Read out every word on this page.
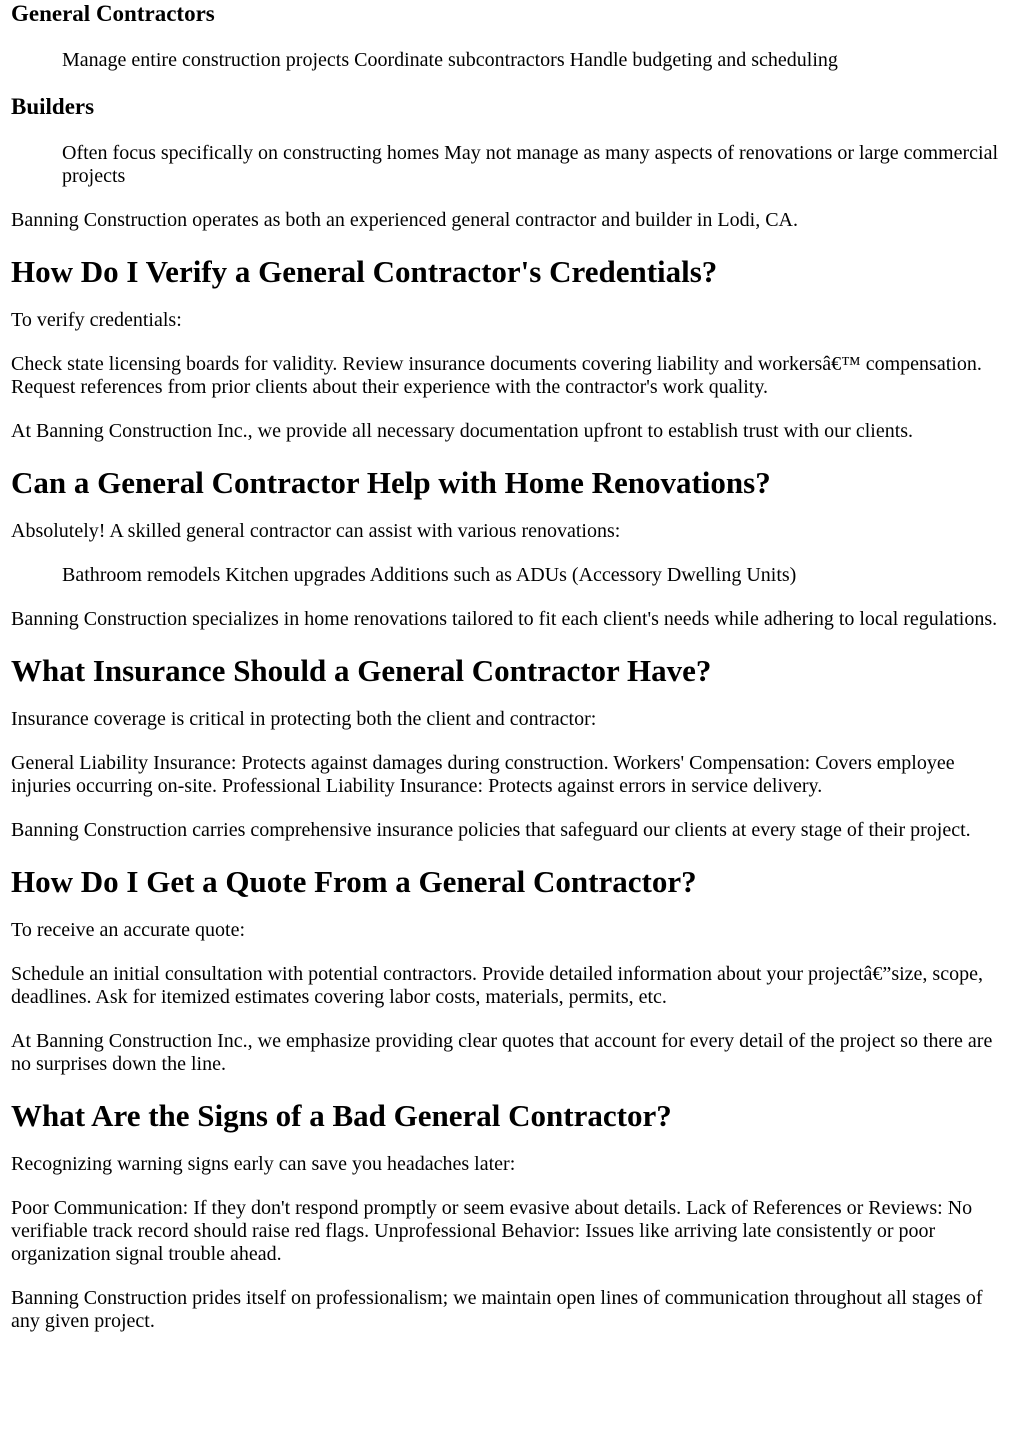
General Contractors

Manage entire construction projects Coordinate subcontractors Handle budgeting and scheduling

Builders

Often focus specifically on constructing homes May not manage as many aspects of renovations or large commercial projects

Banning Construction operates as both an experienced general contractor and builder in Lodi, CA.

How Do I Verify a General Contractor's Credentials?

To verify credentials:

Check state licensing boards for validity. Review insurance documents covering liability and workersâ€™ compensation. Request references from prior clients about their experience with the contractor's work quality.

At Banning Construction Inc., we provide all necessary documentation upfront to establish trust with our clients.

Can a General Contractor Help with Home Renovations?

Absolutely! A skilled general contractor can assist with various renovations:

Bathroom remodels Kitchen upgrades Additions such as ADUs (Accessory Dwelling Units)

Banning Construction specializes in home renovations tailored to fit each client's needs while adhering to local regulations.

What Insurance Should a General Contractor Have?

Insurance coverage is critical in protecting both the client and contractor:

General Liability Insurance: Protects against damages during construction. Workers' Compensation: Covers employee injuries occurring on-site. Professional Liability Insurance: Protects against errors in service delivery.

Banning Construction carries comprehensive insurance policies that safeguard our clients at every stage of their project.

How Do I Get a Quote From a General Contractor?

To receive an accurate quote:

Schedule an initial consultation with potential contractors. Provide detailed information about your projectâ€”size, scope, deadlines. Ask for itemized estimates covering labor costs, materials, permits, etc.

At Banning Construction Inc., we emphasize providing clear quotes that account for every detail of the project so there are no surprises down the line.

What Are the Signs of a Bad General Contractor?

Recognizing warning signs early can save you headaches later:

Poor Communication: If they don't respond promptly or seem evasive about details. Lack of References or Reviews: No verifiable track record should raise red flags. Unprofessional Behavior: Issues like arriving late consistently or poor organization signal trouble ahead.

Banning Construction prides itself on professionalism; we maintain open lines of communication throughout all stages of any given project.
